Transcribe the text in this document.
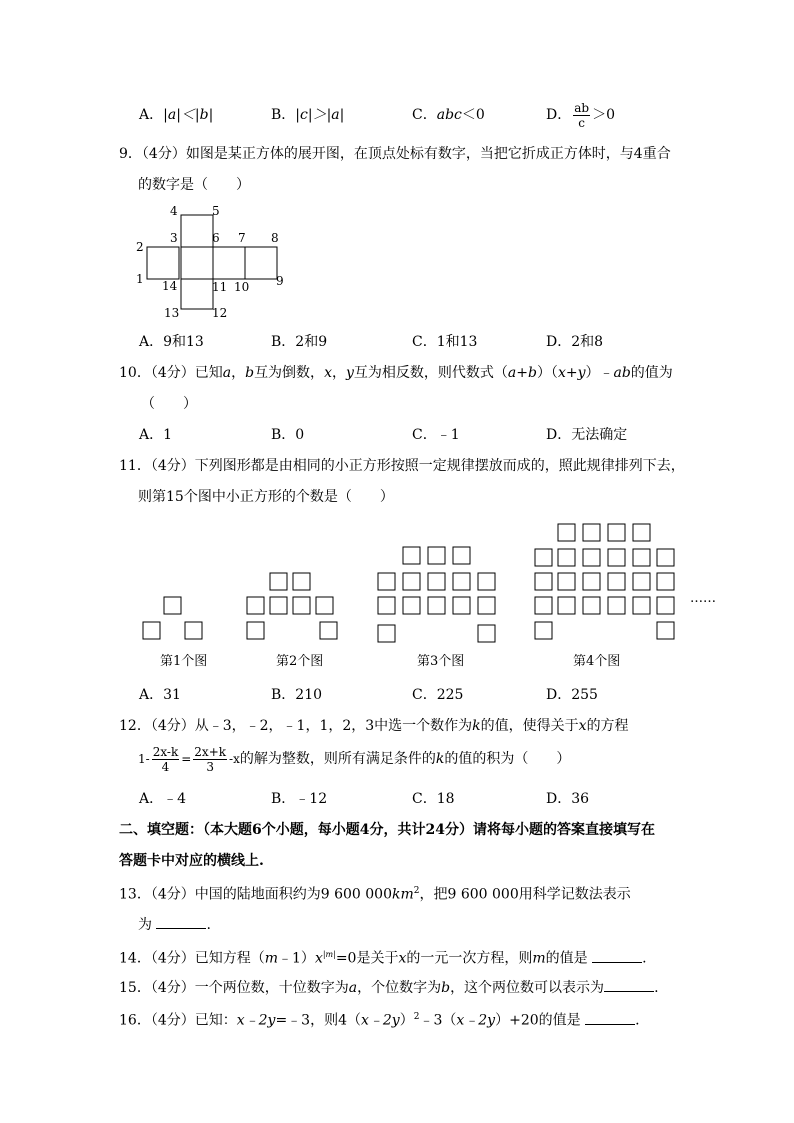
A．|a|＜|b|	B．|c|＞|a|	C．abc＜0	D． $\frac{ab}{c} >0$
9．（4分）如图是某正方体的展开图，在顶点处标有数字，当把它折成正方体时，与4重合
的数字是（　　）
4	5
3	6 7 8
2
1	9
14	11 10
13	12
A．9和13	B．2和9	C．1和13	D．2和8
10．（4分）已知a，b互为倒数，x，y互为相反数，则代数式（a+b）（x+y）﹣ab的值为
（　　）
A．1	B．0	C．﹣1	D．无法确定
11．（4分）下列图形都是由相同的小正方形按照一定规律摆放而成的，照此规律排列下去，
则第15个图中小正方形的个数是（　　）
……
第1个图	第2个图	第3个图	第4个图
A．31	B．210	C．225	D．255
12．（4分）从﹣3，﹣2，﹣1，1，2，3中选一个数作为k的值，使得关于x的方程
$1- \frac{2x-k}{4} = \frac{2x+k}{3} -x$的解为整数，则所有满足条件的k的值的积为（　　）
A．﹣4	B．﹣12	C．18	D．36
二、填空题：（本大题6个小题，每小题4分，共计24分）请将每小题的答案直接填写在
答题卡中对应的横线上.
13．（4分）中国的陆地面积约为9 600 $000km^2$，把9 600 000用科学记数法表示
为	.
14．（4分）已知方程$(m﹣1)x^{|m|}=0$是关于x的一元一次方程，则m的值是	.
15．（4分）一个两位数，十位数字为a，个位数字为b，这个两位数可以表示为	.
16．（4分）已知：x﹣2y=﹣3，则4（x﹣2y）$^2$﹣3（x﹣2y）+20的值是	.
